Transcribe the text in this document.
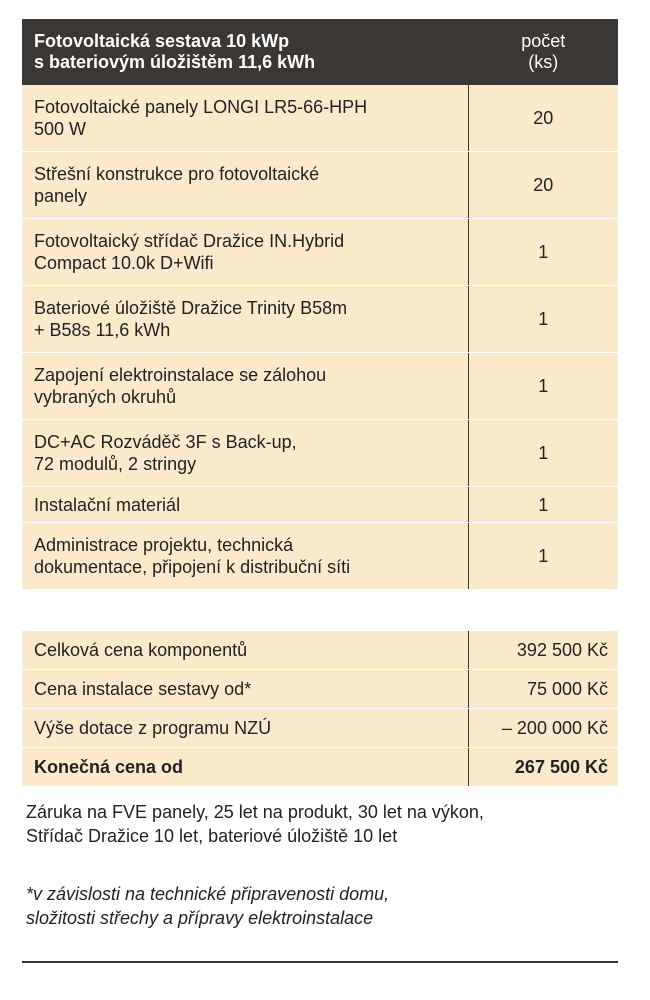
Fotovoltaická sestava 10 kWp
s bateriovým úložištěm 11,6 kWh	počet
(ks)
Fotovoltaické panely LONGI LR5-66-HPH
500 W	20
Střešní konstrukce pro fotovoltaické
panely	20
Fotovoltaický střídač Dražice IN.Hybrid
Compact 10.0k D+Wifi	1
Bateriové úložiště Dražice Trinity B58m
+ B58s 11,6 kWh	1
Zapojení elektroinstalace se zálohou
vybraných okruhů	1
DC+AC Rozváděč 3F s Back-up,
72 modulů, 2 stringy	1
Instalační materiál	1
Administrace projektu, technická
dokumentace, připojení k distribuční síti	1
Celková cena komponentů	392 500 Kč
Cena instalace sestavy od*	75 000 Kč
Výše dotace z programu NZÚ	– 200 000 Kč
Konečná cena od	267 500 Kč
Záruka na FVE panely, 25 let na produkt, 30 let na výkon,
Střídač Dražice 10 let, bateriové úložiště 10 let
*v závislosti na technické připravenosti domu,
složitosti střechy a přípravy elektroinstalace
